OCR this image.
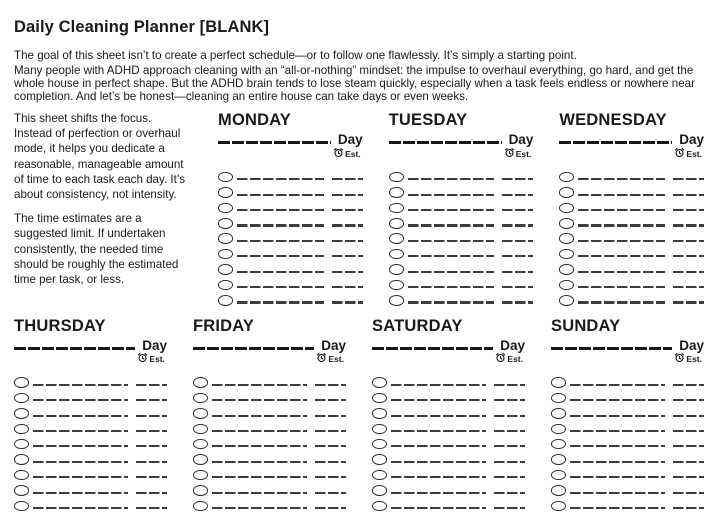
Daily Cleaning Planner [BLANK]

The goal of this sheet isn’t to create a perfect schedule—or to follow one flawlessly. It’s simply a starting point.

Many people with ADHD approach cleaning with an “all-or-nothing” mindset: the impulse to overhaul everything, go hard, and get the whole house in perfect shape. But the ADHD brain tends to lose steam quickly, especially when a task feels endless or nowhere near completion. And let’s be honest—cleaning an entire house can take days or even weeks.

This sheet shifts the focus. Instead of perfection or overhaul mode, it helps you dedicate a reasonable, manageable amount of time to each task each day. It’s about consistency, not intensity.

The time estimates are a suggested limit. If undertaken consistently, the needed time should be roughly the estimated time per task, or less.

MONDAY
Day
Est.
TUESDAY
Day
Est.
WEDNESDAY
Day
Est.
THURSDAY
Day
Est.
FRIDAY
Day
Est.
SATURDAY
Day
Est.
SUNDAY
Day
Est.
